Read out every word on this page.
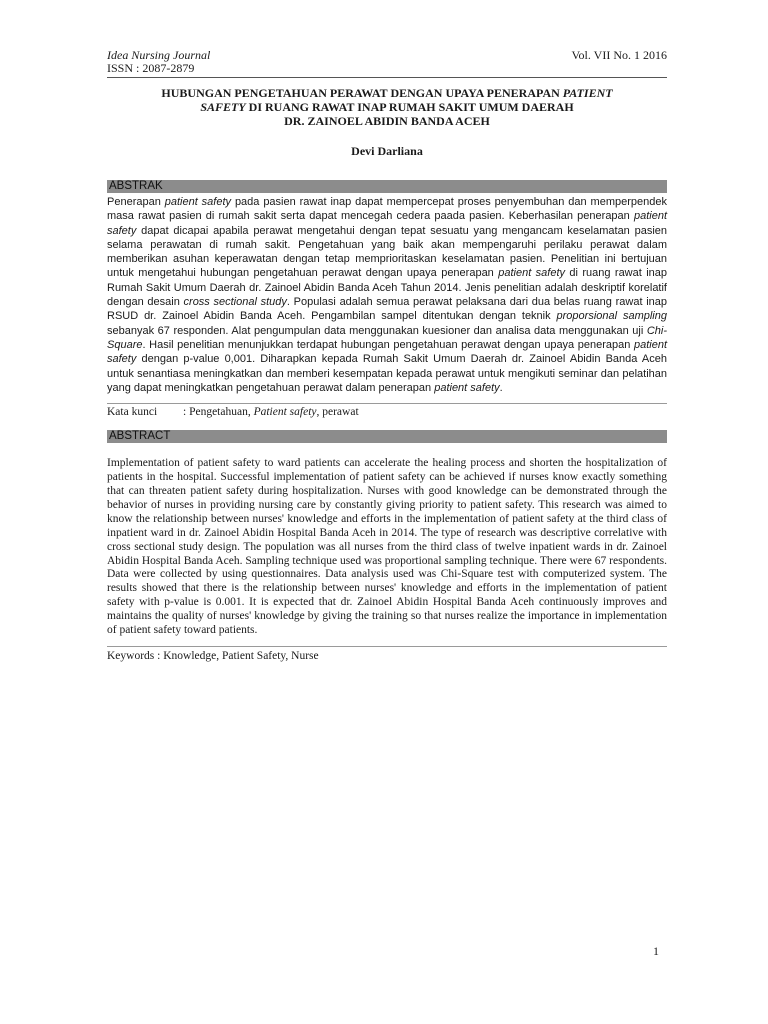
Idea Nursing Journal	Vol. VII No. 1 2016
ISSN : 2087-2879
HUBUNGAN PENGETAHUAN PERAWAT DENGAN UPAYA PENERAPAN PATIENT
SAFETY DI RUANG RAWAT INAP RUMAH SAKIT UMUM DAERAH
DR. ZAINOEL ABIDIN BANDA ACEH
Devi Darliana
ABSTRAK

Penerapan patient safety pada pasien rawat inap dapat mempercepat proses penyembuhan dan memperpendek masa rawat pasien di rumah sakit serta dapat mencegah cedera paada pasien. Keberhasilan penerapan patient safety dapat dicapai apabila perawat mengetahui dengan tepat sesuatu yang mengancam keselamatan pasien selama perawatan di rumah sakit. Pengetahuan yang baik akan mempengaruhi perilaku perawat dalam memberikan asuhan keperawatan dengan tetap memprioritaskan keselamatan pasien. Penelitian ini bertujuan untuk mengetahui hubungan pengetahuan perawat dengan upaya penerapan patient safety di ruang rawat inap Rumah Sakit Umum Daerah dr. Zainoel Abidin Banda Aceh Tahun 2014. Jenis penelitian adalah deskriptif korelatif dengan desain cross sectional study. Populasi adalah semua perawat pelaksana dari dua belas ruang rawat inap RSUD dr. Zainoel Abidin Banda Aceh. Pengambilan sampel ditentukan dengan teknik proporsional sampling sebanyak 67 responden. Alat pengumpulan data menggunakan kuesioner dan analisa data menggunakan uji Chi-Square. Hasil penelitian menunjukkan terdapat hubungan pengetahuan perawat dengan upaya penerapan patient safety dengan p-value 0,001. Diharapkan kepada Rumah Sakit Umum Daerah dr. Zainoel Abidin Banda Aceh untuk senantiasa meningkatkan dan memberi kesempatan kepada perawat untuk mengikuti seminar dan pelatihan yang dapat meningkatkan pengetahuan perawat dalam penerapan patient safety.

Kata kunci	: Pengetahuan, Patient safety, perawat
ABSTRACT

Implementation of patient safety to ward patients can accelerate the healing process and shorten the hospitalization of patients in the hospital. Successful implementation of patient safety can be achieved if nurses know exactly something that can threaten patient safety during hospitalization. Nurses with good knowledge can be demonstrated through the behavior of nurses in providing nursing care by constantly giving priority to patient safety. This research was aimed to know the relationship between nurses' knowledge and efforts in the implementation of patient safety at the third class of inpatient ward in dr. Zainoel Abidin Hospital Banda Aceh in 2014. The type of research was descriptive correlative with cross sectional study design. The population was all nurses from the third class of twelve inpatient wards in dr. Zainoel Abidin Hospital Banda Aceh. Sampling technique used was proportional sampling technique. There were 67 respondents. Data were collected by using questionnaires. Data analysis used was Chi-Square test with computerized system. The results showed that there is the relationship between nurses' knowledge and efforts in the implementation of patient safety with p-value is 0.001. It is expected that dr. Zainoel Abidin Hospital Banda Aceh continuously improves and maintains the quality of nurses' knowledge by giving the training so that nurses realize the importance in implementation of patient safety toward patients.

Keywords : Knowledge, Patient Safety, Nurse
1
